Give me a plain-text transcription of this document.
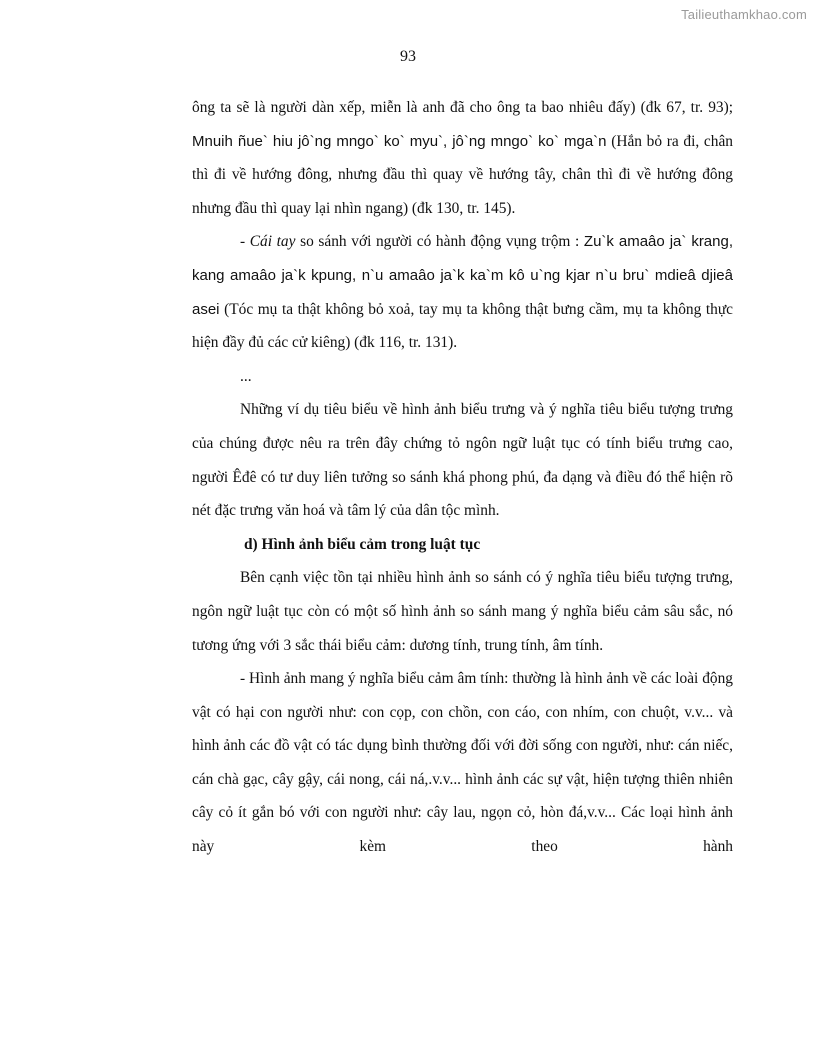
Tailieuthamkhao.com
93

ông ta sẽ là người dàn xếp, miễn là anh đã cho ông ta bao nhiêu đấy) (đk 67, tr. 93); Mnuih ñue` hiu jô`ng mngo` ko` myu`, jô`ng mngo` ko` mga`n (Hắn bỏ ra đi, chân thì đi về hướng đông, nhưng đầu thì quay về hướng tây, chân thì đi về hướng đông nhưng đầu thì quay lại nhìn ngang) (đk 130, tr. 145).

- Cái tay so sánh với người có hành động vụng trộm : Zu`k amaâo ja` krang, kang amaâo ja`k kpung, n`u amaâo ja`k ka`m kô u`ng kjar n`u bru` mdieâ djieâ asei (Tóc mụ ta thật không bỏ xoả, tay mụ ta không thật bưng cầm, mụ ta không thực hiện đầy đủ các cử kiêng) (đk 116, tr. 131).

...

Những ví dụ tiêu biểu về hình ảnh biểu trưng và ý nghĩa tiêu biểu tượng trưng của chúng được nêu ra trên đây chứng tỏ ngôn ngữ luật tục có tính biểu trưng cao, người Êđê có tư duy liên tưởng so sánh khá phong phú, đa dạng và điều đó thể hiện rõ nét đặc trưng văn hoá và tâm lý của dân tộc mình.

d) Hình ảnh biểu cảm trong luật tục

Bên cạnh việc tồn tại nhiều hình ảnh so sánh có ý nghĩa tiêu biểu tượng trưng, ngôn ngữ luật tục còn có một số hình ảnh so sánh mang ý nghĩa biểu cảm sâu sắc, nó tương ứng với 3 sắc thái biểu cảm: dương tính, trung tính, âm tính.

- Hình ảnh mang ý nghĩa biểu cảm âm tính: thường là hình ảnh về các loài động vật có hại con người như: con cọp, con chồn, con cáo, con nhím, con chuột, v.v... và hình ảnh các đồ vật có tác dụng bình thường đối với đời sống con người, như: cán niếc, cán chà gạc, cây gậy, cái nong, cái ná,.v.v... hình ảnh các sự vật, hiện tượng thiên nhiên cây cỏ ít gắn bó với con người như: cây lau, ngọn cỏ, hòn đá,v.v... Các loại hình ảnh này kèm theo hành
